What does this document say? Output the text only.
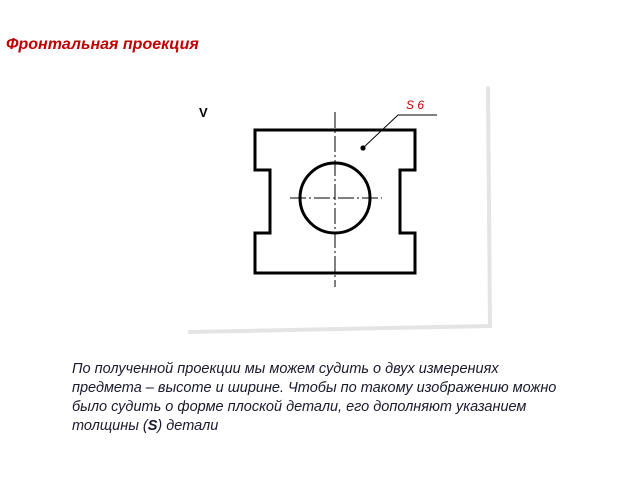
Фронтальная проекция
V	S 6
По полученной проекции мы можем судить о двух измерениях предмета – высоте и ширине. Чтобы по такому изображению можно было судить о форме плоской детали, его дополняют указанием толщины (S) детали
